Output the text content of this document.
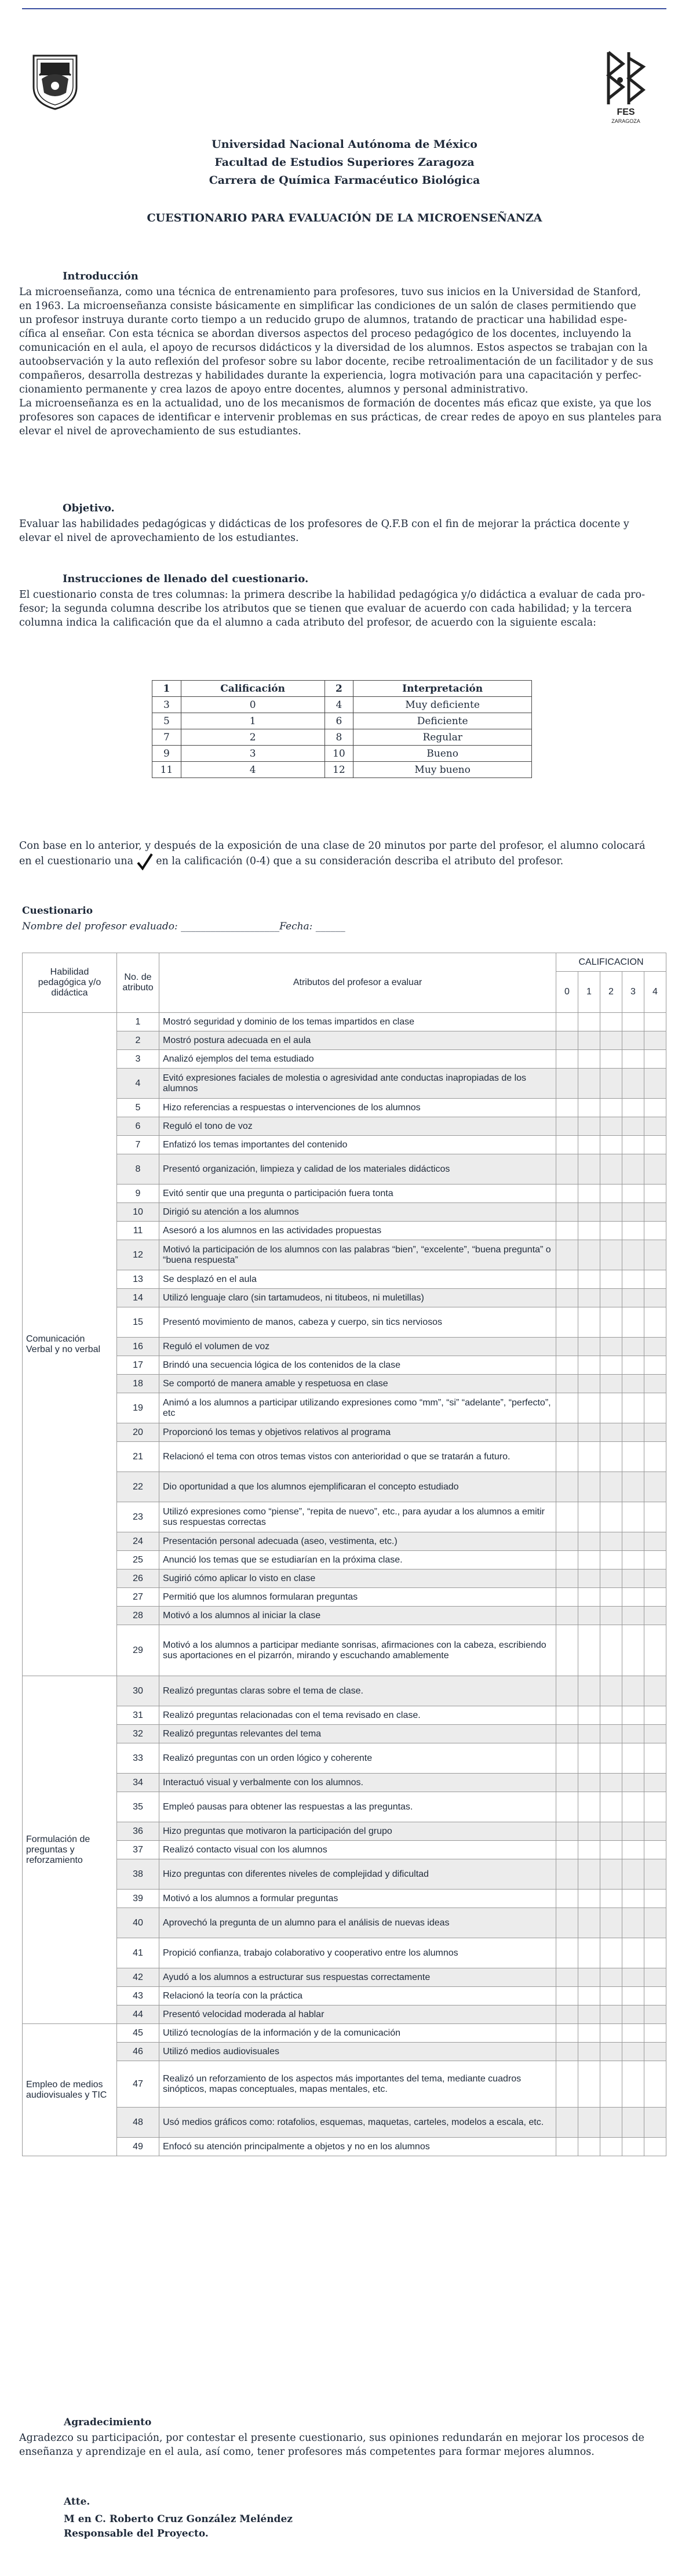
FES
ZARAGOZA
Universidad Nacional Autónoma de México
Facultad de Estudios Superiores Zaragoza
Carrera de Química Farmacéutico Biológica
CUESTIONARIO PARA EVALUACIÓN DE LA MICROENSEÑANZA
Introducción
La microenseñanza, como una técnica de entrenamiento para profesores, tuvo sus inicios en la Universidad de Stanford,
en 1963. La microenseñanza consiste básicamente en simplificar las condiciones de un salón de clases permitiendo que
un profesor instruya durante corto tiempo a un reducido grupo de alumnos, tratando de practicar una habilidad espe-
cífica al enseñar. Con esta técnica se abordan diversos aspectos del proceso pedagógico de los docentes, incluyendo la
comunicación en el aula, el apoyo de recursos didácticos y la diversidad de los alumnos. Estos aspectos se trabajan con la
autoobservación y la auto reflexión del profesor sobre su labor docente, recibe retroalimentación de un facilitador y de sus
compañeros, desarrolla destrezas y habilidades durante la experiencia, logra motivación para una capacitación y perfec-
cionamiento permanente y crea lazos de apoyo entre docentes, alumnos y personal administrativo.
La microenseñanza es en la actualidad, uno de los mecanismos de formación de docentes más eficaz que existe, ya que los
profesores son capaces de identificar e intervenir problemas en sus prácticas, de crear redes de apoyo en sus planteles para
elevar el nivel de aprovechamiento de sus estudiantes.
Objetivo.
Evaluar las habilidades pedagógicas y didácticas de los profesores de Q.F.B con el fin de mejorar la práctica docente y
elevar el nivel de aprovechamiento de los estudiantes.
Instrucciones de llenado del cuestionario.
El cuestionario consta de tres columnas: la primera describe la habilidad pedagógica y/o didáctica a evaluar de cada pro-
fesor; la segunda columna describe los atributos que se tienen que evaluar de acuerdo con cada habilidad; y la tercera
columna indica la calificación que da el alumno a cada atributo del profesor, de acuerdo con la siguiente escala:
1	Calificación	2	Interpretación
3	0	4	Muy deficiente
5	1	6	Deficiente
7	2	8	Regular
9	3	10	Bueno
11	4	12	Muy bueno
Con base en lo anterior, y después de la exposición de una clase de 20 minutos por parte del profesor, el alumno colocará
en el cuestionario una en la calificación (0-4) que a su consideración describa el atributo del profesor.
Cuestionario
Nombre del profesor evaluado: ____________________Fecha: ______
Habilidad pedagógica y/o didáctica	No. de atributo	Atributos del profesor a evaluar	CALIFICACION				
			0	1	2	3	4
Comunicación Verbal y no verbal	1	Mostró seguridad y dominio de los temas impartidos en clase					
	2	Mostró postura adecuada en el aula					
	3	Analizó ejemplos del tema estudiado					
	4	Evitó expresiones faciales de molestia o agresividad ante conductas inapropiadas de los alumnos					
	5	Hizo referencias a respuestas o intervenciones de los alumnos					
	6	Reguló el tono de voz					
	7	Enfatizó los temas importantes del contenido					
	8	Presentó organización, limpieza y calidad de los materiales didácticos					
	9	Evitó sentir que una pregunta o participación fuera tonta					
	10	Dirigió su atención a los alumnos					
	11	Asesoró a los alumnos en las actividades propuestas					
	12	Motivó la participación de los alumnos con las palabras “bien”, “excelente”, “buena pregunta” o “buena respuesta”					
	13	Se desplazó en el aula					
	14	Utilizó lenguaje claro (sin tartamudeos, ni titubeos, ni muletillas)					
	15	Presentó movimiento de manos, cabeza y cuerpo, sin tics nerviosos					
	16	Reguló el volumen de voz					
	17	Brindó una secuencia lógica de los contenidos de la clase					
	18	Se comportó de manera amable y respetuosa en clase					
	19	Animó a los alumnos a participar utilizando expresiones como “mm”, “si” “adelante”, “perfecto”, etc					
	20	Proporcionó los temas y objetivos relativos al programa					
	21	Relacionó el tema con otros temas vistos con anterioridad o que se tratarán a futuro.					
	22	Dio oportunidad a que los alumnos ejemplificaran el concepto estudiado					
	23	Utilizó expresiones como “piense”, “repita de nuevo”, etc., para ayudar a los alumnos a emitir sus respuestas correctas					
	24	Presentación personal adecuada (aseo, vestimenta, etc.)					
	25	Anunció los temas que se estudiarían en la próxima clase.					
	26	Sugirió cómo aplicar lo visto en clase					
	27	Permitió que los alumnos formularan preguntas					
	28	Motivó a los alumnos al iniciar la clase					
	29	Motivó a los alumnos a participar mediante sonrisas, afirmaciones con la cabeza, escribiendo sus aportaciones en el pizarrón, mirando y escuchando amablemente					
Formulación de preguntas y reforzamiento	30	Realizó preguntas claras sobre el tema de clase.					
	31	Realizó preguntas relacionadas con el tema revisado en clase.					
	32	Realizó preguntas relevantes del tema					
	33	Realizó preguntas con un orden lógico y coherente					
	34	Interactuó visual y verbalmente con los alumnos.					
	35	Empleó pausas para obtener las respuestas a las preguntas.					
	36	Hizo preguntas que motivaron la participación del grupo					
	37	Realizó contacto visual con los alumnos					
	38	Hizo preguntas con diferentes niveles de complejidad y dificultad					
	39	Motivó a los alumnos a formular preguntas					
	40	Aprovechó la pregunta de un alumno para el análisis de nuevas ideas					
	41	Propició confianza, trabajo colaborativo y cooperativo entre los alumnos					
	42	Ayudó a los alumnos a estructurar sus respuestas correctamente					
	43	Relacionó la teoría con la práctica					
	44	Presentó velocidad moderada al hablar					
Empleo de medios audiovisuales y TIC	45	Utilizó tecnologías de la información y de la comunicación					
	46	Utilizó medios audiovisuales					
	47	Realizó un reforzamiento de los aspectos más importantes del tema, mediante cuadros sinópticos, mapas conceptuales, mapas mentales, etc.					
	48	Usó medios gráficos como: rotafolios, esquemas, maquetas, carteles, modelos a escala, etc.					
	49	Enfocó su atención principalmente a objetos y no en los alumnos					
Agradecimiento
Agradezco su participación, por contestar el presente cuestionario, sus opiniones redundarán en mejorar los procesos de
enseñanza y aprendizaje en el aula, así como, tener profesores más competentes para formar mejores alumnos.
Atte.
M en C. Roberto Cruz González Meléndez
Responsable del Proyecto.
